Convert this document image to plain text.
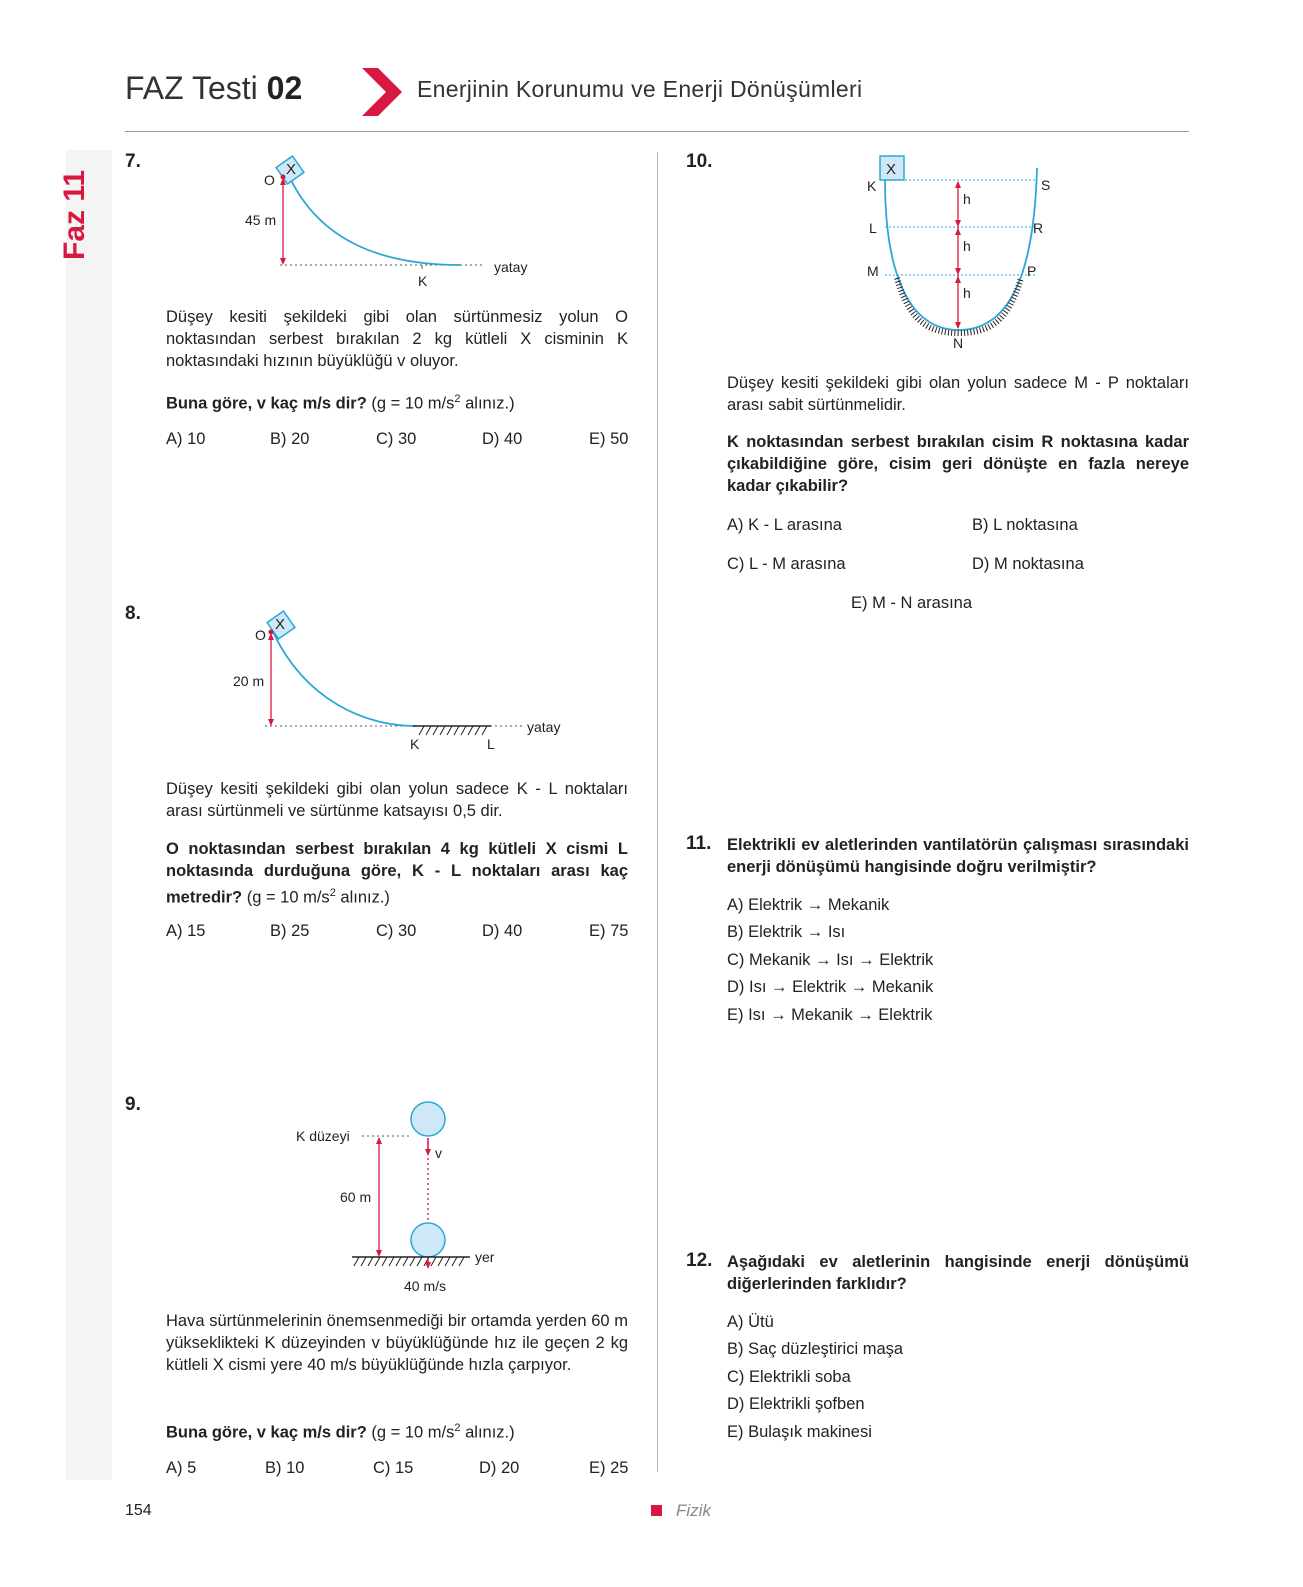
FAZ Testi 02	Enerjinin Korunumu ve Enerji Dönüşümleri
Faz 11
7.	X
O
45 m
K
yatay
Düşey kesiti şekildeki gibi olan sürtünmesiz yolun O noktasından serbest bırakılan 2 kg kütleli X cisminin K noktasındaki hızının büyüklüğü v oluyor.
Buna göre, v kaç m/s dir? (g = 10 $m/s^2$ alınız.)
A) 10	B) 20	C) 30	D) 40	E) 50
8.
X
O
20 m
K	L
yatay
Düşey kesiti şekildeki gibi olan yolun sadece K - L noktaları arası sürtünmeli ve sürtünme katsayısı 0,5 dir.
O noktasından serbest bırakılan 4 kg kütleli X cismi L noktasında durduğuna göre, K - L noktaları arası kaç metredir? (g = 10 $m/s^2$ alınız.)
A) 15	B) 25	C) 30	D) 40	E) 75
9.
v
K düzeyi
60 m
yer
40 m/s
Hava sürtünmelerinin önemsenmediği bir ortamda yerden 60 m yükseklikteki K düzeyinden v büyüklüğünde hız ile geçen 2 kg kütleli X cismi yere 40 m/s büyüklüğünde hızla çarpıyor.
Buna göre, v kaç m/s dir? (g = 10 $m/s^2$ alınız.)
A) 5	B) 10	C) 15	D) 20	E) 25
10.	X
h
h
h
K
L
M
N
S
R
P
Düşey kesiti şekildeki gibi olan yolun sadece M - P noktaları arası sabit sürtünmelidir.
K noktasından serbest bırakılan cisim R noktasına kadar çıkabildiğine göre, cisim geri dönüşte en fazla nereye kadar çıkabilir?
A) K - L arasına	B) L noktasına
C) L - M arasına	D) M noktasına
E) M - N arasına
11. Elektrikli ev aletlerinden vantilatörün çalışması sırasındaki enerji dönüşümü hangisinde doğru verilmiştir?
A) Elektrik → Mekanik
B) Elektrik → Isı
C) Mekanik → Isı → Elektrik
D) Isı → Elektrik → Mekanik
E) Isı → Mekanik → Elektrik
12. Aşağıdaki ev aletlerinin hangisinde enerji dönüşümü diğerlerinden farklıdır?
A) Ütü
B) Saç düzleştirici maşa
C) Elektrikli soba
D) Elektrikli şofben
E) Bulaşık makinesi
154	Fizik
